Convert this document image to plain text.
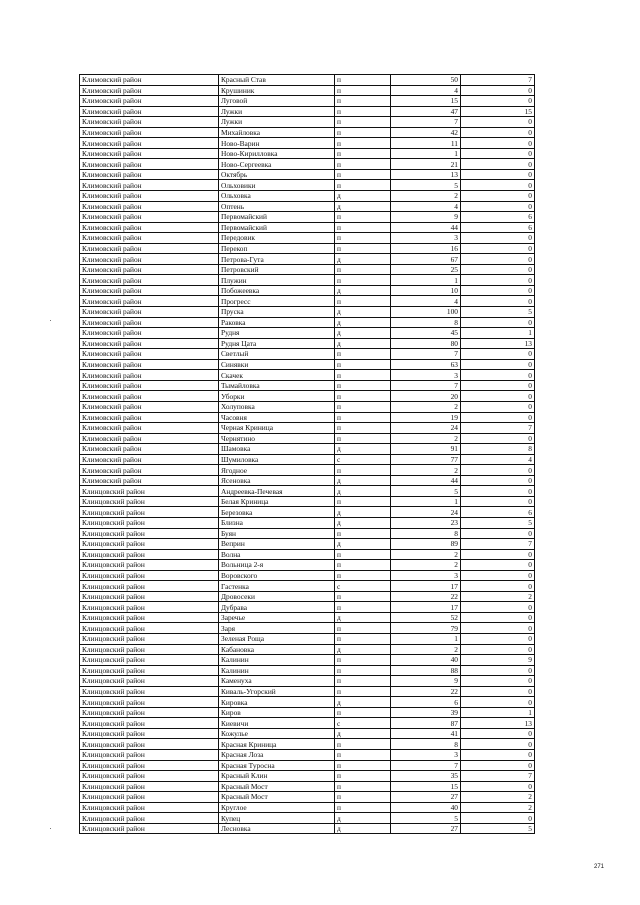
Климовский район	Красный Став	п	50	7
Климовский район	Крушиник	п	4	0
Климовский район	Луговой	п	15	0
Климовский район	Лужки	п	47	15
Климовский район	Лужки	п	7	0
Климовский район	Михайловка	п	42	0
Климовский район	Ново-Варин	п	11	0
Климовский район	Ново-Кирилловка	п	1	0
Климовский район	Ново-Сергеевка	п	21	0
Климовский район	Октябрь	п	13	0
Климовский район	Ольховики	п	5	0
Климовский район	Ольховка	д	2	0
Климовский район	Оптень	д	4	0
Климовский район	Первомайский	п	9	6
Климовский район	Первомайский	п	44	6
Климовский район	Передовик	п	3	0
Климовский район	Перекоп	п	16	0
Климовский район	Петрова-Гута	д	67	0
Климовский район	Петровский	п	25	0
Климовский район	Плужин	п	1	0
Климовский район	Побожеевка	д	10	0
Климовский район	Прогресс	п	4	0
Климовский район	Пруска	д	100	5
Климовский район	Раковка	д	8	0
Климовский район	Рудня	д	45	1
Климовский район	Рудня Цата	д	80	13
Климовский район	Светлый	п	7	0
Климовский район	Синявки	п	63	0
Климовский район	Скачек	п	3	0
Климовский район	Тымайловка	п	7	0
Климовский район	Уборки	п	20	0
Климовский район	Холуповка	п	2	0
Климовский район	Часовня	п	19	0
Климовский район	Черная Криница	п	24	7
Климовский район	Чернятино	п	2	0
Климовский район	Шамовка	д	91	8
Климовский район	Шумиловка	с	77	4
Климовский район	Ягодное	п	2	0
Климовский район	Ясеновка	д	44	0
Клинцовский район	Андреевка-Печевая	д	5	0
Клинцовский район	Белая Криница	п	1	0
Клинцовский район	Березовка	д	24	6
Клинцовский район	Близна	д	23	5
Клинцовский район	Буян	п	8	0
Клинцовский район	Веприн	д	89	7
Клинцовский район	Волна	п	2	0
Клинцовский район	Вольница 2-я	п	2	0
Клинцовский район	Воровского	п	3	0
Клинцовский район	Гастенка	с	17	0
Клинцовский район	Дровосеки	п	22	2
Клинцовский район	Дубрава	п	17	0
Клинцовский район	Заречье	д	52	0
Клинцовский район	Заря	п	79	0
Клинцовский район	Зеленая Роща	п	1	0
Клинцовский район	Кабановка	д	2	0
Клинцовский район	Калинин	п	40	9
Клинцовский район	Калинин	п	88	0
Клинцовский район	Каменуха	п	9	0
Клинцовский район	Киваль-Угорский	п	22	0
Клинцовский район	Кировка	д	6	0
Клинцовский район	Киров	п	39	1
Клинцовский район	Киевичи	с	87	13
Клинцовский район	Кожулье	д	41	0
Клинцовский район	Красная Криница	п	8	0
Клинцовский район	Красная Лоза	п	3	0
Клинцовский район	Красная Туросна	п	7	0
Клинцовский район	Красный Клин	п	35	7
Клинцовский район	Красный Мост	п	15	0
Клинцовский район	Красный Мост	п	27	2
Клинцовский район	Круглое	п	40	2
Клинцовский район	Купец	д	5	0
Клинцовский район	Лесновка	д	27	5
271
